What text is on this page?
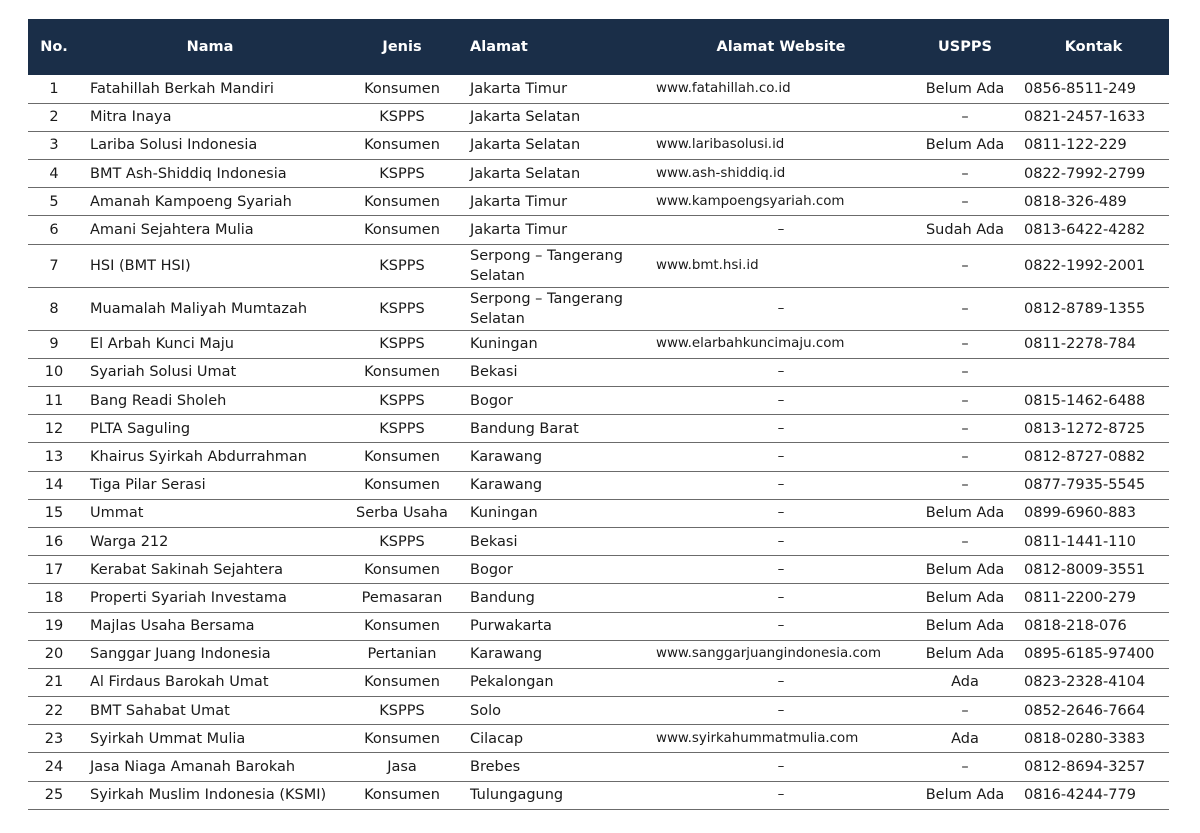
No.	Nama	Jenis	Alamat	Alamat Website	USPPS	Kontak
1	Fatahillah Berkah Mandiri	Konsumen	Jakarta Timur	www.fatahillah.co.id	Belum Ada	0856-8511-249
2	Mitra Inaya	KSPPS	Jakarta Selatan		–	0821-2457-1633
3	Lariba Solusi Indonesia	Konsumen	Jakarta Selatan	www.laribasolusi.id	Belum Ada	0811-122-229
4	BMT Ash-Shiddiq Indonesia	KSPPS	Jakarta Selatan	www.ash-shiddiq.id	–	0822-7992-2799
5	Amanah Kampoeng Syariah	Konsumen	Jakarta Timur	www.kampoengsyariah.com	–	0818-326-489
6	Amani Sejahtera Mulia	Konsumen	Jakarta Timur	–	Sudah Ada	0813-6422-4282
7	HSI (BMT HSI)	KSPPS	Serpong – Tangerang Selatan	www.bmt.hsi.id	–	0822-1992-2001
8	Muamalah Maliyah Mumtazah	KSPPS	Serpong – Tangerang Selatan	–	–	0812-8789-1355
9	El Arbah Kunci Maju	KSPPS	Kuningan	www.elarbahkuncimaju.com	–	0811-2278-784
10	Syariah Solusi Umat	Konsumen	Bekasi	–	–	
11	Bang Readi Sholeh	KSPPS	Bogor	–	–	0815-1462-6488
12	PLTA Saguling	KSPPS	Bandung Barat	–	–	0813-1272-8725
13	Khairus Syirkah Abdurrahman	Konsumen	Karawang	–	–	0812-8727-0882
14	Tiga Pilar Serasi	Konsumen	Karawang	–	–	0877-7935-5545
15	Ummat	Serba Usaha	Kuningan	–	Belum Ada	0899-6960-883
16	Warga 212	KSPPS	Bekasi	–	–	0811-1441-110
17	Kerabat Sakinah Sejahtera	Konsumen	Bogor	–	Belum Ada	0812-8009-3551
18	Properti Syariah Investama	Pemasaran	Bandung	–	Belum Ada	0811-2200-279
19	Majlas Usaha Bersama	Konsumen	Purwakarta	–	Belum Ada	0818-218-076
20	Sanggar Juang Indonesia	Pertanian	Karawang	www.sanggarjuangindonesia.com	Belum Ada	0895-6185-97400
21	Al Firdaus Barokah Umat	Konsumen	Pekalongan	–	Ada	0823-2328-4104
22	BMT Sahabat Umat	KSPPS	Solo	–	–	0852-2646-7664
23	Syirkah Ummat Mulia	Konsumen	Cilacap	www.syirkahummatmulia.com	Ada	0818-0280-3383
24	Jasa Niaga Amanah Barokah	Jasa	Brebes	–	–	0812-8694-3257
25	Syirkah Muslim Indonesia (KSMI)	Konsumen	Tulungagung	–	Belum Ada	0816-4244-779
